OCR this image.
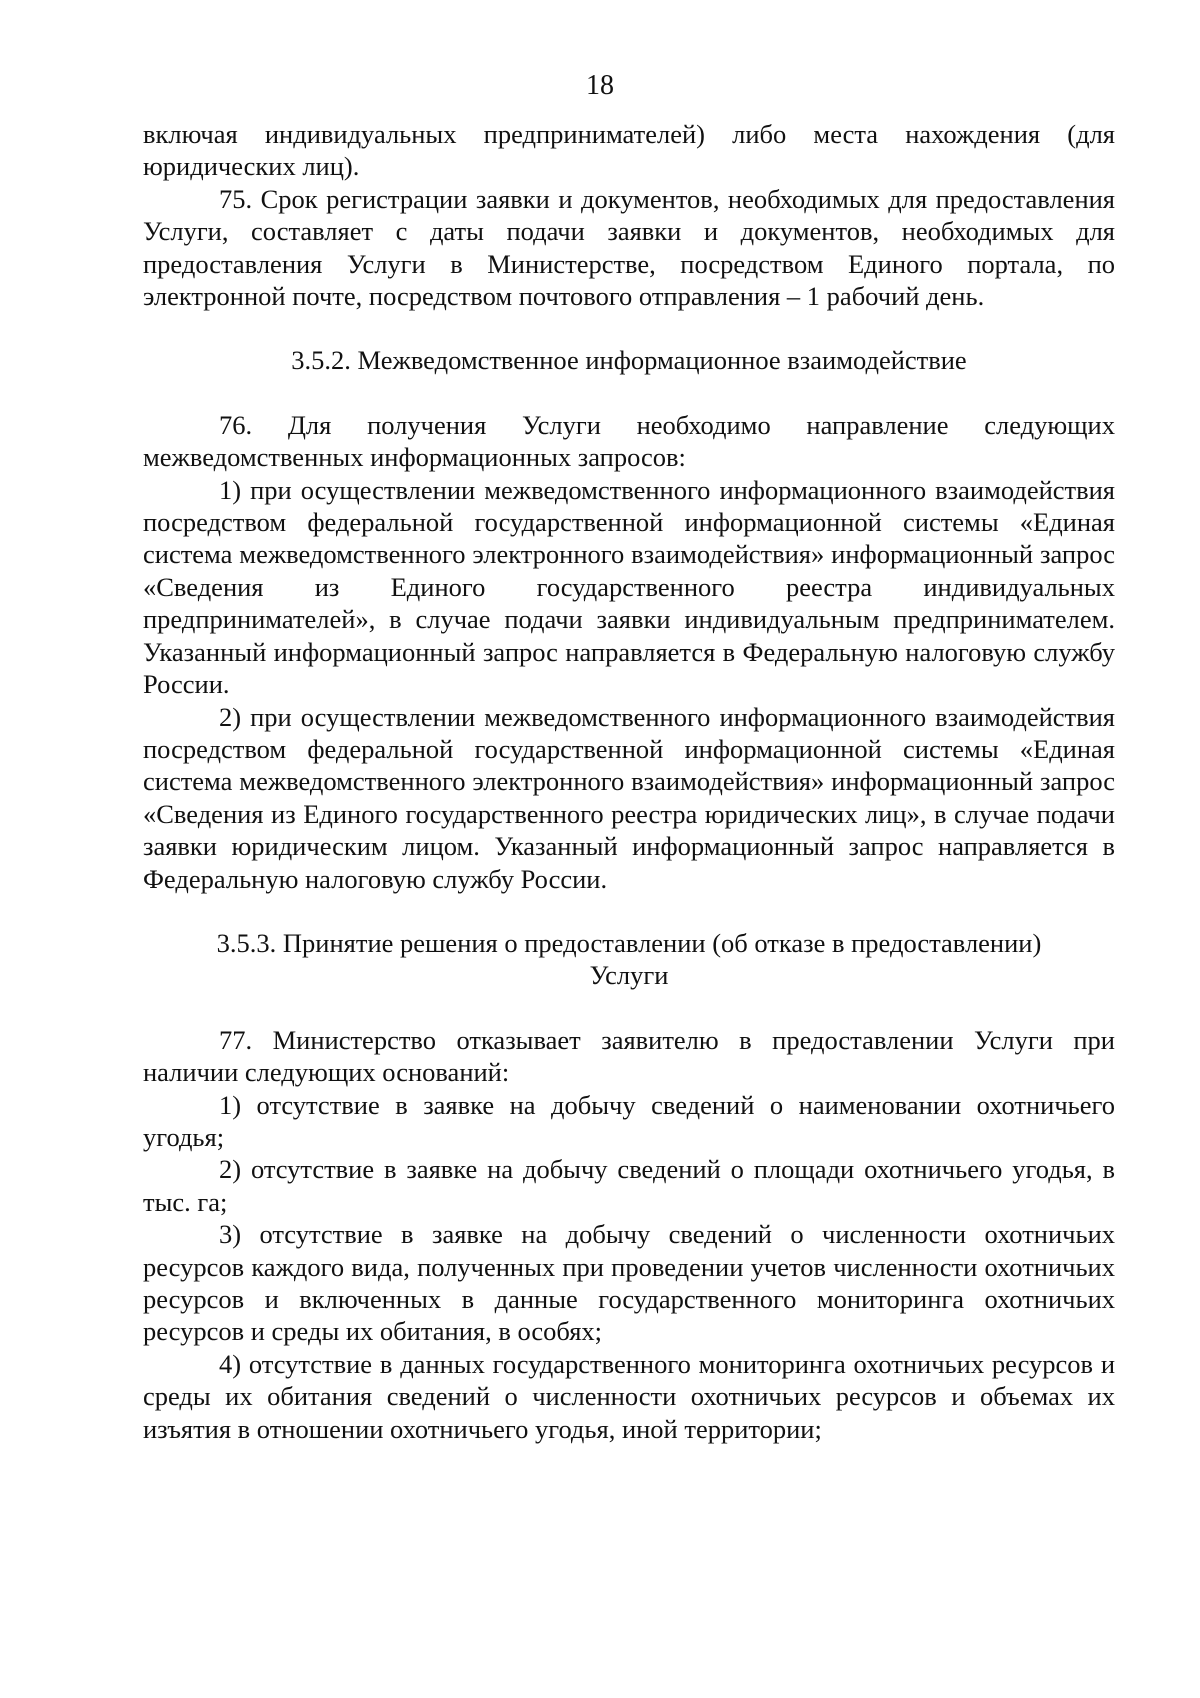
18

включая индивидуальных предпринимателей) либо места нахождения (для юридических лиц).

75. Срок регистрации заявки и документов, необходимых для предоставления Услуги, составляет с даты подачи заявки и документов, необходимых для предоставления Услуги в Министерстве, посредством Единого портала, по электронной почте, посредством почтового отправления – 1 рабочий день.

3.5.2. Межведомственное информационное взаимодействие

76. Для получения Услуги необходимо направление следующих межведомственных информационных запросов:

1) при осуществлении межведомственного информационного взаимодействия посредством федеральной государственной информационной системы «Единая система межведомственного электронного взаимодействия» информационный запрос «Сведения из Единого государственного реестра индивидуальных предпринимателей», в случае подачи заявки индивидуальным предпринимателем. Указанный информационный запрос направляется в Федеральную налоговую службу России.

2) при осуществлении межведомственного информационного взаимодействия посредством федеральной государственной информационной системы «Единая система межведомственного электронного взаимодействия» информационный запрос «Сведения из Единого государственного реестра юридических лиц», в случае подачи заявки юридическим лицом. Указанный информационный запрос направляется в Федеральную налоговую службу России.

3.5.3. Принятие решения о предоставлении (об отказе в предоставлении)

Услуги

77. Министерство отказывает заявителю в предоставлении Услуги при наличии следующих оснований:

1) отсутствие в заявке на добычу сведений о наименовании охотничьего угодья;

2) отсутствие в заявке на добычу сведений о площади охотничьего угодья, в тыс. га;

3) отсутствие в заявке на добычу сведений о численности охотничьих ресурсов каждого вида, полученных при проведении учетов численности охотничьих ресурсов и включенных в данные государственного мониторинга охотничьих ресурсов и среды их обитания, в особях;

4) отсутствие в данных государственного мониторинга охотничьих ресурсов и среды их обитания сведений о численности охотничьих ресурсов и объемах их изъятия в отношении охотничьего угодья, иной территории;
